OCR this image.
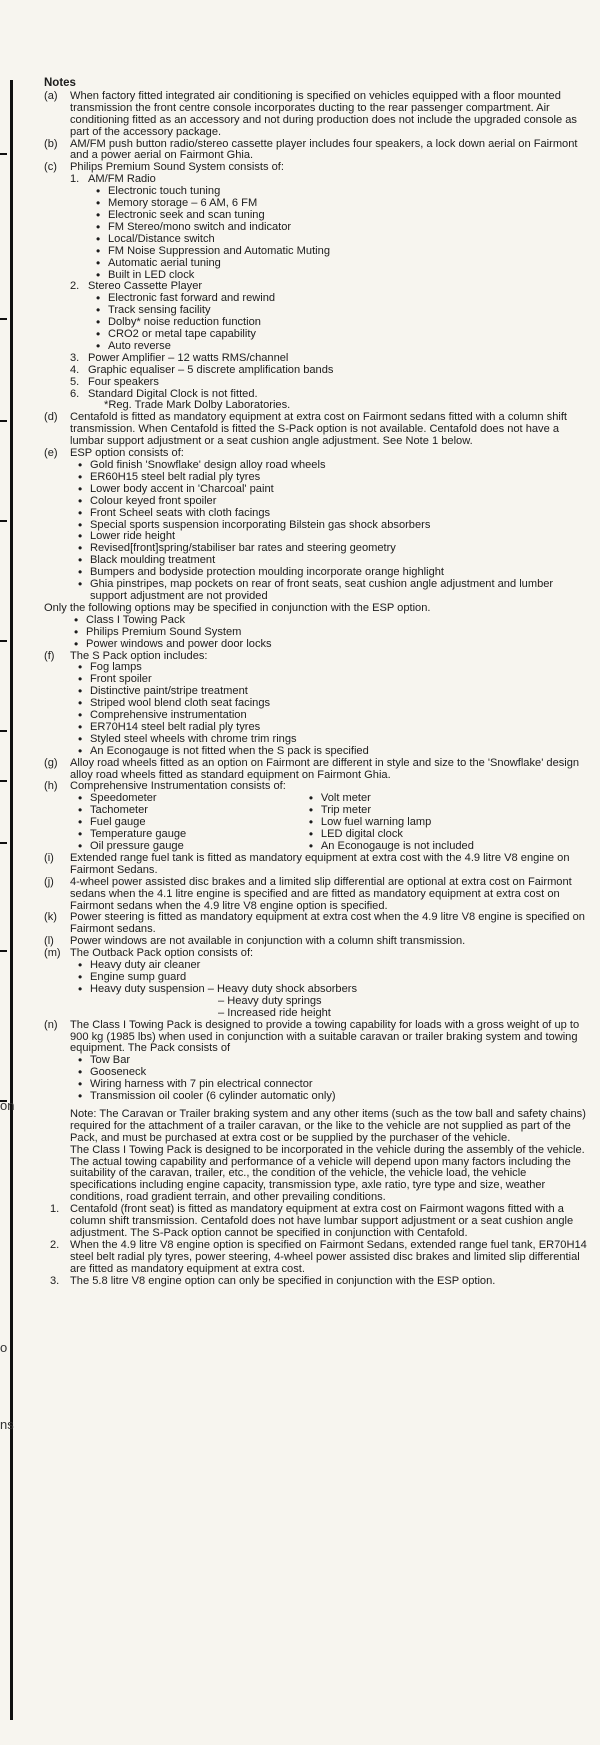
on
o
ns
Notes
(a) When factory fitted integrated air conditioning is specified on vehicles equipped with a floor mounted transmission the front centre console incorporates ducting to the rear passenger compartment. Air conditioning fitted as an accessory and not during production does not include the upgraded console as part of the accessory package.
(b) AM/FM push button radio/stereo cassette player includes four speakers, a lock down aerial on Fairmont and a power aerial on Fairmont Ghia.
(c) Philips Premium Sound System consists of:
1. AM/FM Radio
• Electronic touch tuning
• Memory storage – 6 AM, 6 FM
• Electronic seek and scan tuning
• FM Stereo/mono switch and indicator
• Local/Distance switch
• FM Noise Suppression and Automatic Muting
• Automatic aerial tuning
• Built in LED clock
2. Stereo Cassette Player
• Electronic fast forward and rewind
• Track sensing facility
• Dolby* noise reduction function
• CRO2 or metal tape capability
• Auto reverse
3. Power Amplifier – 12 watts RMS/channel
4. Graphic equaliser – 5 discrete amplification bands
5. Four speakers
6. Standard Digital Clock is not fitted.
*Reg. Trade Mark Dolby Laboratories.
(d) Centafold is fitted as mandatory equipment at extra cost on Fairmont sedans fitted with a column shift transmission. When Centafold is fitted the S-Pack option is not available. Centafold does not have a lumbar support adjustment or a seat cushion angle adjustment. See Note 1 below.
(e) ESP option consists of:
• Gold finish 'Snowflake' design alloy road wheels
• ER60H15 steel belt radial ply tyres
• Lower body accent in 'Charcoal' paint
• Colour keyed front spoiler
• Front Scheel seats with cloth facings
• Special sports suspension incorporating Bilstein gas shock absorbers
• Lower ride height
• Revised[front]spring/stabiliser bar rates and steering geometry
• Black moulding treatment
• Bumpers and bodyside protection moulding incorporate orange highlight
• Ghia pinstripes, map pockets on rear of front seats, seat cushion angle adjustment and lumber support adjustment are not provided
Only the following options may be specified in conjunction with the ESP option.
• Class I Towing Pack
• Philips Premium Sound System
• Power windows and power door locks
(f) The S Pack option includes:
• Fog lamps
• Front spoiler
• Distinctive paint/stripe treatment
• Striped wool blend cloth seat facings
• Comprehensive instrumentation
• ER70H14 steel belt radial ply tyres
• Styled steel wheels with chrome trim rings
• An Econogauge is not fitted when the S pack is specified
(g) Alloy road wheels fitted as an option on Fairmont are different in style and size to the 'Snowflake' design alloy road wheels fitted as standard equipment on Fairmont Ghia.
(h) Comprehensive Instrumentation consists of:
• Speedometer
• Tachometer
• Fuel gauge
• Temperature gauge
• Oil pressure gauge
• Volt meter
• Trip meter
• Low fuel warning lamp
• LED digital clock
• An Econogauge is not included
(i) Extended range fuel tank is fitted as mandatory equipment at extra cost with the 4.9 litre V8 engine on Fairmont Sedans.
(j) 4-wheel power assisted disc brakes and a limited slip differential are optional at extra cost on Fairmont sedans when the 4.1 litre engine is specified and are fitted as mandatory equipment at extra cost on Fairmont sedans when the 4.9 litre V8 engine option is specified.
(k) Power steering is fitted as mandatory equipment at extra cost when the 4.9 litre V8 engine is specified on Fairmont sedans.
(l) Power windows are not available in conjunction with a column shift transmission.
(m) The Outback Pack option consists of:
• Heavy duty air cleaner
• Engine sump guard
• Heavy duty suspension – Heavy duty shock absorbers
– Heavy duty springs
– Increased ride height
(n) The Class I Towing Pack is designed to provide a towing capability for loads with a gross weight of up to 900 kg (1985 lbs) when used in conjunction with a suitable caravan or trailer braking system and towing equipment. The Pack consists of
• Tow Bar
• Gooseneck
• Wiring harness with 7 pin electrical connector
• Transmission oil cooler (6 cylinder automatic only)
Note: The Caravan or Trailer braking system and any other items (such as the tow ball and safety chains) required for the attachment of a trailer caravan, or the like to the vehicle are not supplied as part of the Pack, and must be purchased at extra cost or be supplied by the purchaser of the vehicle.
The Class I Towing Pack is designed to be incorporated in the vehicle during the assembly of the vehicle. The actual towing capability and performance of a vehicle will depend upon many factors including the suitability of the caravan, trailer, etc., the condition of the vehicle, the vehicle load, the vehicle specifications including engine capacity, transmission type, axle ratio, tyre type and size, weather conditions, road gradient terrain, and other prevailing conditions.
1. Centafold (front seat) is fitted as mandatory equipment at extra cost on Fairmont wagons fitted with a column shift transmission. Centafold does not have lumbar support adjustment or a seat cushion angle adjustment. The S-Pack option cannot be specified in conjunction with Centafold.
2. When the 4.9 litre V8 engine option is specified on Fairmont Sedans, extended range fuel tank, ER70H14 steel belt radial ply tyres, power steering, 4-wheel power assisted disc brakes and limited slip differential are fitted as mandatory equipment at extra cost.
3. The 5.8 litre V8 engine option can only be specified in conjunction with the ESP option.
